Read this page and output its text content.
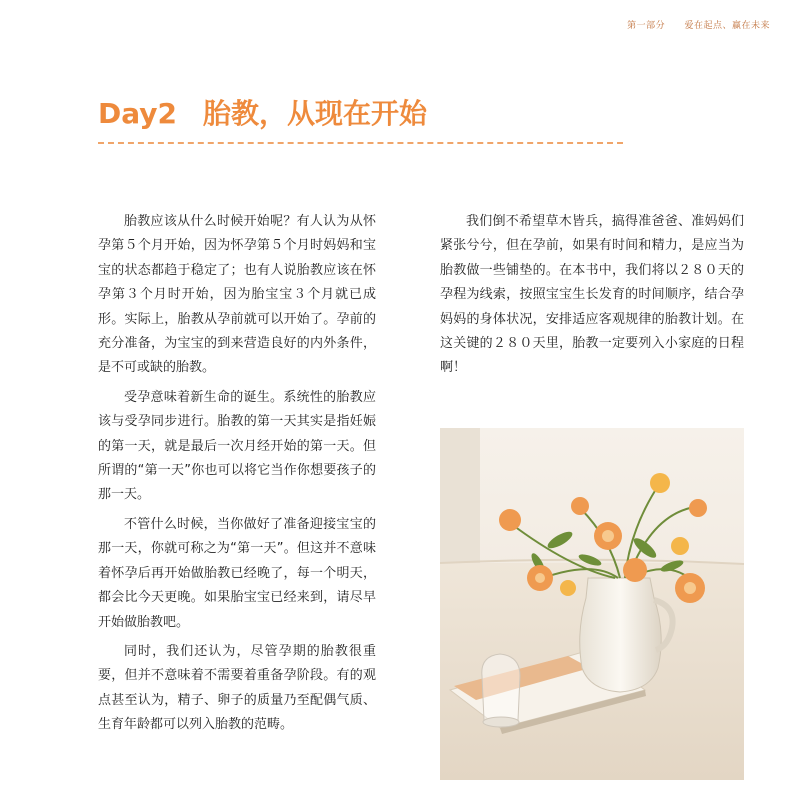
第一部分 爱在起点、赢在未来
Day2 胎教，从现在开始

胎教应该从什么时候开始呢？有人认为从怀孕第５个月开始，因为怀孕第５个月时妈妈和宝宝的状态都趋于稳定了；也有人说胎教应该在怀孕第３个月时开始，因为胎宝宝３个月就已成形。实际上，胎教从孕前就可以开始了。孕前的充分准备，为宝宝的到来营造良好的内外条件，是不可或缺的胎教。

受孕意味着新生命的诞生。系统性的胎教应该与受孕同步进行。胎教的第一天其实是指妊娠的第一天，就是最后一次月经开始的第一天。但所谓的“第一天”你也可以将它当作你想要孩子的那一天。

不管什么时候，当你做好了准备迎接宝宝的那一天，你就可称之为“第一天”。但这并不意味着怀孕后再开始做胎教已经晚了，每一个明天，都会比今天更晚。如果胎宝宝已经来到，请尽早开始做胎教吧。

同时，我们还认为，尽管孕期的胎教很重要，但并不意味着不需要着重备孕阶段。有的观点甚至认为，精子、卵子的质量乃至配偶气质、生育年龄都可以列入胎教的范畴。

我们倒不希望草木皆兵，搞得准爸爸、准妈妈们紧张兮兮，但在孕前，如果有时间和精力，是应当为胎教做一些铺垫的。在本书中，我们将以２８０天的孕程为线索，按照宝宝生长发育的时间顺序，结合孕妈妈的身体状况，安排适应客观规律的胎教计划。在这关键的２８０天里，胎教一定要列入小家庭的日程啊！
